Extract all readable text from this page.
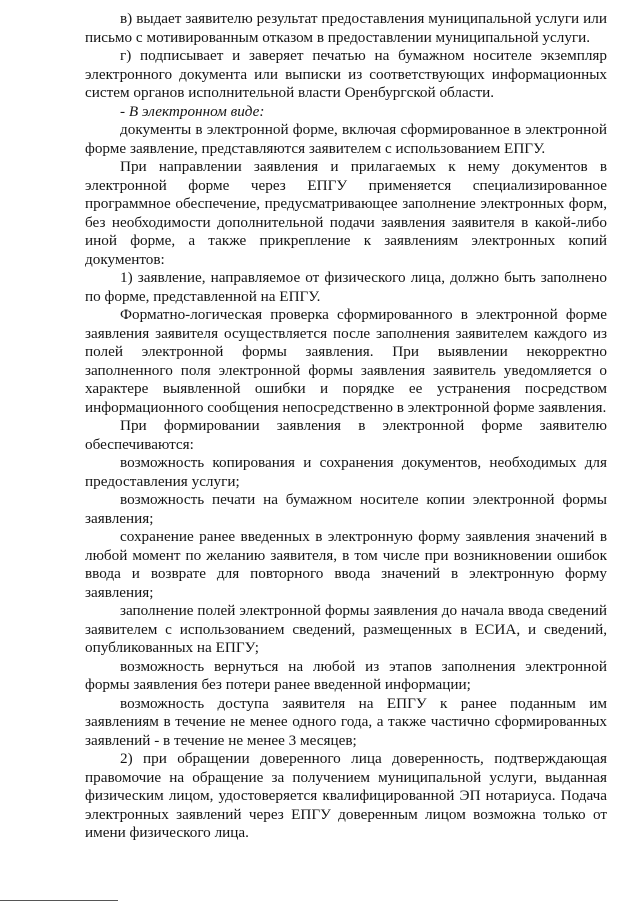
в) выдает заявителю результат предоставления муниципальной услуги или письмо с мотивированным отказом в предоставлении муниципальной услуги.

г) подписывает и заверяет печатью на бумажном носителе экземпляр электронного документа или выписки из соответствующих информационных систем органов исполнительной власти Оренбургской области.

- В электронном виде:

документы в электронной форме, включая сформированное в электронной форме заявление, представляются заявителем с использованием ЕПГУ.

При направлении заявления и прилагаемых к нему документов в электронной форме через ЕПГУ применяется специализированное программное обеспечение, предусматривающее заполнение электронных форм, без необходимости дополнительной подачи заявления заявителя в какой-либо иной форме, а также прикрепление к заявлениям электронных копий документов:

1) заявление, направляемое от физического лица, должно быть заполнено по форме, представленной на ЕПГУ.

Форматно-логическая проверка сформированного в электронной форме заявления заявителя осуществляется после заполнения заявителем каждого из полей электронной формы заявления. При выявлении некорректно заполненного поля электронной формы заявления заявитель уведомляется о характере выявленной ошибки и порядке ее устранения посредством информационного сообщения непосредственно в электронной форме заявления.

При формировании заявления в электронной форме заявителю обеспечиваются:

возможность копирования и сохранения документов, необходимых для предоставления услуги;

возможность печати на бумажном носителе копии электронной формы заявления;

сохранение ранее введенных в электронную форму заявления значений в любой момент по желанию заявителя, в том числе при возникновении ошибок ввода и возврате для повторного ввода значений в электронную форму заявления;

заполнение полей электронной формы заявления до начала ввода сведений заявителем с использованием сведений, размещенных в ЕСИА, и сведений, опубликованных на ЕПГУ;

возможность вернуться на любой из этапов заполнения электронной формы заявления без потери ранее введенной информации;

возможность доступа заявителя на ЕПГУ к ранее поданным им заявлениям в течение не менее одного года, а также частично сформированных заявлений - в течение не менее 3 месяцев;

2) при обращении доверенного лица доверенность, подтверждающая правомочие на обращение за получением муниципальной услуги, выданная физическим лицом, удостоверяется квалифицированной ЭП нотариуса. Подача электронных заявлений через ЕПГУ доверенным лицом возможна только от имени физического лица.
